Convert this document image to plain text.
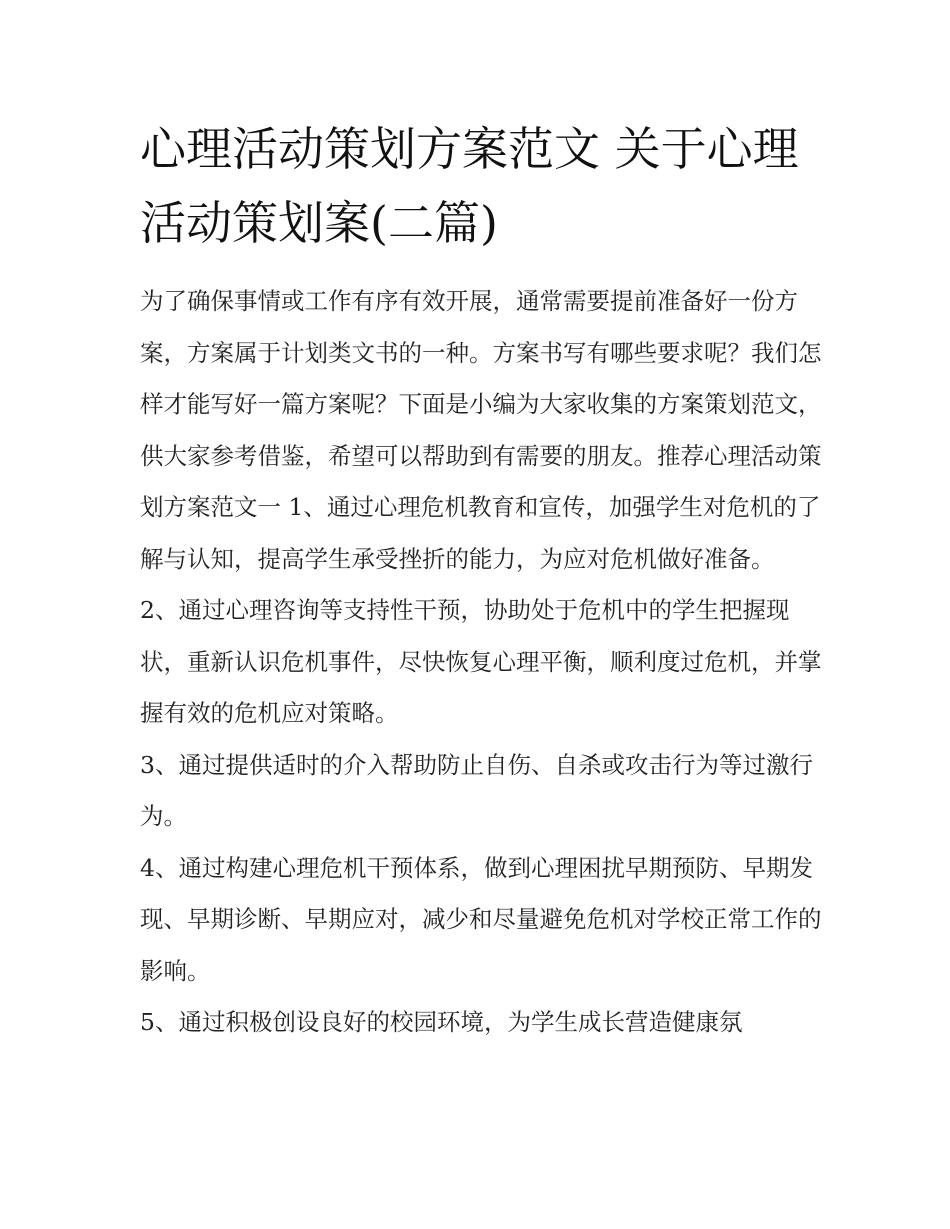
心理活动策划方案范文 关于心理活动策划案(二篇)

为了确保事情或工作有序有效开展，通常需要提前准备好一份方案，方案属于计划类文书的一种。方案书写有哪些要求呢？我们怎样才能写好一篇方案呢？下面是小编为大家收集的方案策划范文，供大家参考借鉴，希望可以帮助到有需要的朋友。推荐心理活动策划方案范文一 1、通过心理危机教育和宣传，加强学生对危机的了解与认知，提高学生承受挫折的能力，为应对危机做好准备。

2、通过心理咨询等支持性干预，协助处于危机中的学生把握现状，重新认识危机事件，尽快恢复心理平衡，顺利度过危机，并掌握有效的危机应对策略。

3、通过提供适时的介入帮助防止自伤、自杀或攻击行为等过激行为。

4、通过构建心理危机干预体系，做到心理困扰早期预防、早期发现、早期诊断、早期应对，减少和尽量避免危机对学校正常工作的影响。

5、通过积极创设良好的校园环境，为学生成长营造健康氛
